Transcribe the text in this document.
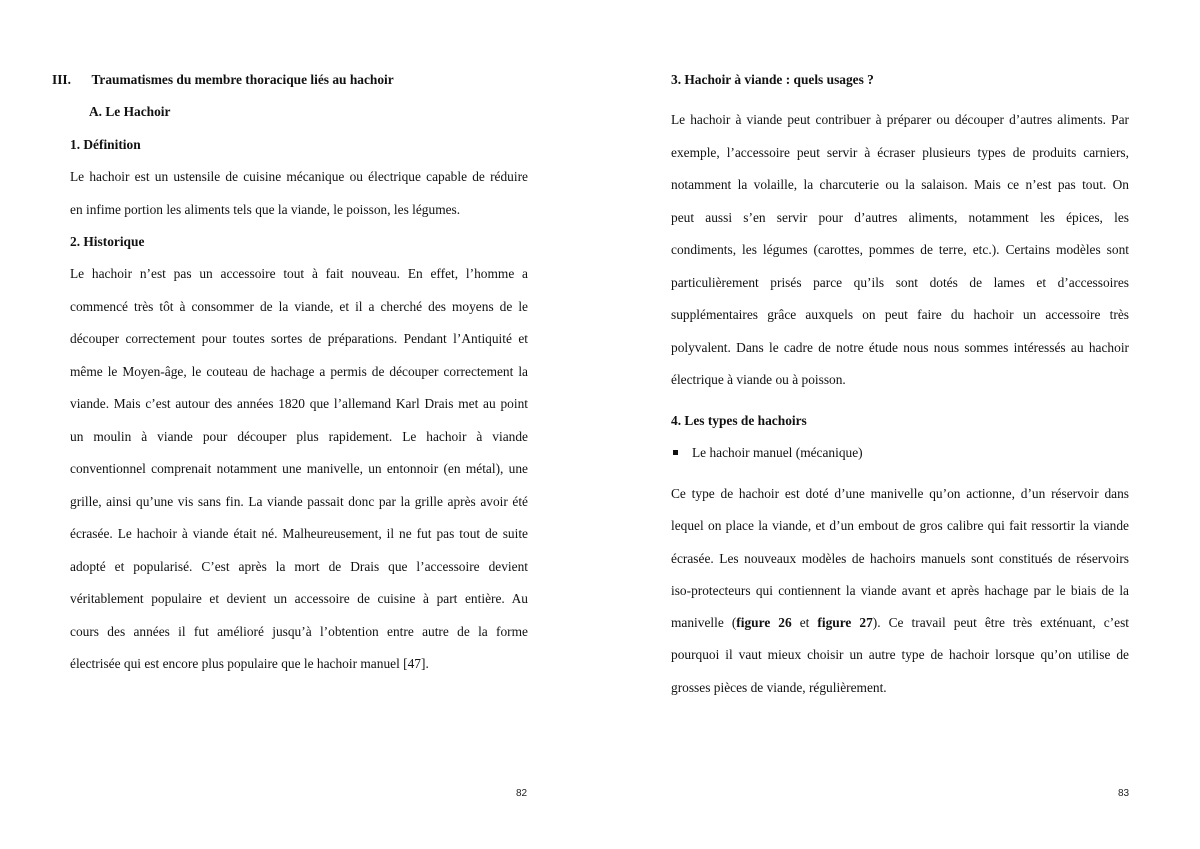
III. Traumatismes du membre thoracique liés au hachoir
A. Le Hachoir
1. Définition
Le hachoir est un ustensile de cuisine mécanique ou électrique capable de réduire
en infime portion les aliments tels que la viande, le poisson, les légumes.
2. Historique
Le hachoir n’est pas un accessoire tout à fait nouveau. En effet, l’homme a
commencé très tôt à consommer de la viande, et il a cherché des moyens de le
découper correctement pour toutes sortes de préparations. Pendant l’Antiquité et
même le Moyen-âge, le couteau de hachage a permis de découper correctement la
viande. Mais c’est autour des années 1820 que l’allemand Karl Drais met au point
un moulin à viande pour découper plus rapidement. Le hachoir à viande
conventionnel comprenait notamment une manivelle, un entonnoir (en métal), une
grille, ainsi qu’une vis sans fin. La viande passait donc par la grille après avoir été
écrasée. Le hachoir à viande était né. Malheureusement, il ne fut pas tout de suite
adopté et popularisé. C’est après la mort de Drais que l’accessoire devient
véritablement populaire et devient un accessoire de cuisine à part entière. Au
cours des années il fut amélioré jusqu’à l’obtention entre autre de la forme
électrisée qui est encore plus populaire que le hachoir manuel [47].
82
3. Hachoir à viande : quels usages ?
Le hachoir à viande peut contribuer à préparer ou découper d’autres aliments. Par
exemple, l’accessoire peut servir à écraser plusieurs types de produits carniers,
notamment la volaille, la charcuterie ou la salaison. Mais ce n’est pas tout. On
peut aussi s’en servir pour d’autres aliments, notamment les épices, les
condiments, les légumes (carottes, pommes de terre, etc.). Certains modèles sont
particulièrement prisés parce qu’ils sont dotés de lames et d’accessoires
supplémentaires grâce auxquels on peut faire du hachoir un accessoire très
polyvalent. Dans le cadre de notre étude nous nous sommes intéressés au hachoir
électrique à viande ou à poisson.
4. Les types de hachoirs
Le hachoir manuel (mécanique)
Ce type de hachoir est doté d’une manivelle qu’on actionne, d’un réservoir dans
lequel on place la viande, et d’un embout de gros calibre qui fait ressortir la viande
écrasée. Les nouveaux modèles de hachoirs manuels sont constitués de réservoirs
iso-protecteurs qui contiennent la viande avant et après hachage par le biais de la
manivelle (figure 26 et figure 27). Ce travail peut être très exténuant, c’est
pourquoi il vaut mieux choisir un autre type de hachoir lorsque qu’on utilise de
grosses pièces de viande, régulièrement.
83
